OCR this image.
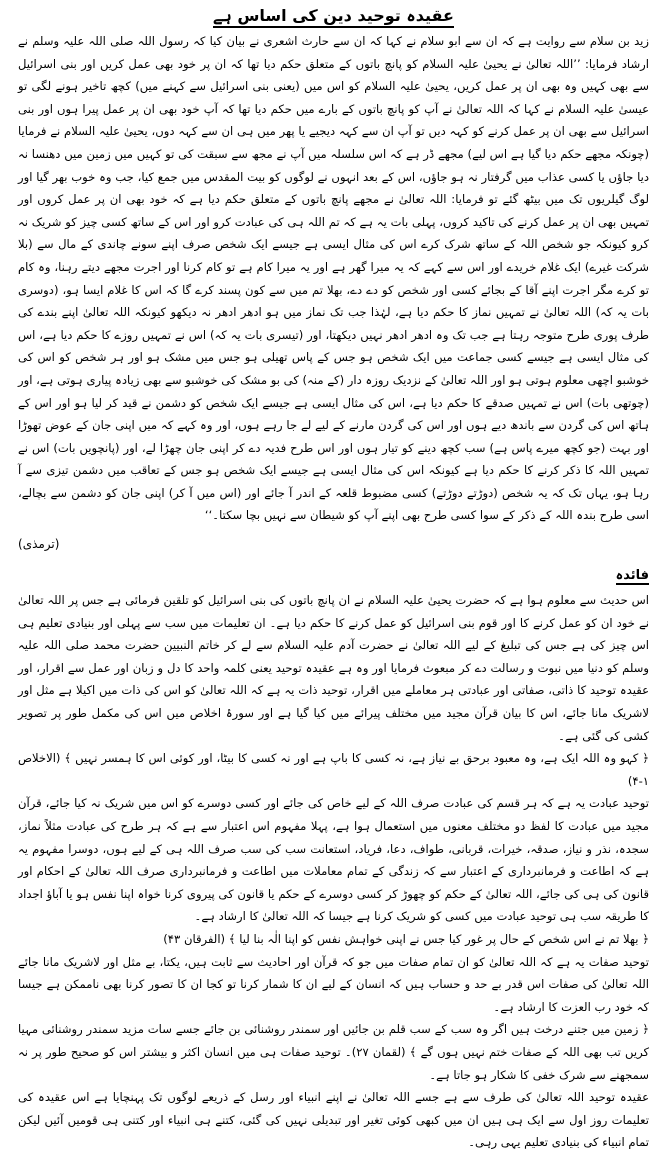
عقیدہ توحید دین کی اساس ہے

زید بن سلام سے روایت ہے کہ ان سے ابو سلام نے کہا کہ ان سے حارث اشعری نے بیان کیا کہ رسول اللہ صلی اللہ علیہ وسلم نے ارشاد فرمایا: ’’اللہ تعالیٰ نے یحییٰ علیہ السلام کو پانچ باتوں کے متعلق حکم دیا تھا کہ ان پر خود بھی عمل کریں اور بنی اسرائیل سے بھی کہیں وہ بھی ان پر عمل کریں، یحییٰ علیہ السلام کو اس میں (یعنی بنی اسرائیل سے کہنے میں) کچھ تاخیر ہونے لگی تو عیسیٰ علیہ السلام نے کہا کہ اللہ تعالیٰ نے آپ کو پانچ باتوں کے بارے میں حکم دیا تھا کہ آپ خود بھی ان پر عمل پیرا ہوں اور بنی اسرائیل سے بھی ان پر عمل کرنے کو کہہ دیں تو آپ ان سے کہہ دیجیے یا پھر میں ہی ان سے کہہ دوں، یحییٰ علیہ السلام نے فرمایا (چونکہ مجھے حکم دیا گیا ہے اس لیے) مجھے ڈر ہے کہ اس سلسلہ میں آپ نے مجھ سے سبقت کی تو کہیں میں زمین میں دھنسا نہ دیا جاؤں یا کسی عذاب میں گرفتار نہ ہو جاؤں، اس کے بعد انہوں نے لوگوں کو بیت المقدس میں جمع کیا، جب وہ خوب بھر گیا اور لوگ گیلریوں تک میں بیٹھ گئے تو فرمایا: اللہ تعالیٰ نے مجھے پانچ باتوں کے متعلق حکم دیا ہے کہ خود بھی ان پر عمل کروں اور تمہیں بھی ان پر عمل کرنے کی تاکید کروں، پہلی بات یہ ہے کہ تم اللہ ہی کی عبادت کرو اور اس کے ساتھ کسی چیز کو شریک نہ کرو کیونکہ جو شخص اللہ کے ساتھ شرک کرے اس کی مثال ایسی ہے جیسے ایک شخص صرف اپنے سونے چاندی کے مال سے (بلا شرکت غیرے) ایک غلام خریدے اور اس سے کہے کہ یہ میرا گھر ہے اور یہ میرا کام ہے تو کام کرنا اور اجرت مجھے دیتے رہنا، وہ کام تو کرے مگر اجرت اپنے آقا کے بجائے کسی اور شخص کو دے دے، بھلا تم میں سے کون پسند کرے گا کہ اس کا غلام ایسا ہو، (دوسری بات یہ کہ) اللہ تعالیٰ نے تمہیں نماز کا حکم دیا ہے، لہٰذا جب تک نماز میں ہو ادھر ادھر نہ دیکھو کیونکہ اللہ تعالیٰ اپنے بندے کی طرف پوری طرح متوجہ رہتا ہے جب تک وہ ادھر ادھر نہیں دیکھتا، اور (تیسری بات یہ کہ) اس نے تمہیں روزے کا حکم دیا ہے، اس کی مثال ایسی ہے جیسے کسی جماعت میں ایک شخص ہو جس کے پاس تھیلی ہو جس میں مشک ہو اور ہر شخص کو اس کی خوشبو اچھی معلوم ہوتی ہو اور اللہ تعالیٰ کے نزدیک روزہ دار (کے منہ) کی بو مشک کی خوشبو سے بھی زیادہ پیاری ہوتی ہے، اور (چوتھی بات) اس نے تمہیں صدقے کا حکم دیا ہے، اس کی مثال ایسی ہے جیسے ایک شخص کو دشمن نے قید کر لیا ہو اور اس کے ہاتھ اس کی گردن سے باندھ دیے ہوں اور اس کی گردن مارنے کے لیے لے جا رہے ہوں، اور وہ کہے کہ میں اپنی جان کے عوض تھوڑا اور بہت (جو کچھ میرے پاس ہے) سب کچھ دینے کو تیار ہوں اور اس طرح فدیہ دے کر اپنی جان چھڑا لے، اور (پانچویں بات) اس نے تمہیں اللہ کا ذکر کرنے کا حکم دیا ہے کیونکہ اس کی مثال ایسی ہے جیسے ایک شخص ہو جس کے تعاقب میں دشمن تیزی سے آ رہا ہو، یہاں تک کہ یہ شخص (دوڑتے دوڑتے) کسی مضبوط قلعہ کے اندر آ جائے اور (اس میں آ کر) اپنی جان کو دشمن سے بچالے، اسی طرح بندہ اللہ کے ذکر کے سوا کسی طرح بھی اپنے آپ کو شیطان سے نہیں بچا سکتا۔‘‘

(ترمذی)
فائدہ

اس حدیث سے معلوم ہوا ہے کہ حضرت یحییٰ علیہ السلام نے ان پانچ باتوں کی بنی اسرائیل کو تلقین فرمائی ہے جس پر اللہ تعالیٰ نے خود ان کو عمل کرنے کا اور قوم بنی اسرائیل کو عمل کرنے کا حکم دیا ہے۔ ان تعلیمات میں سب سے پہلی اور بنیادی تعلیم ہی اس چیز کی ہے جس کی تبلیغ کے لیے اللہ تعالیٰ نے حضرت آدم علیہ السلام سے لے کر خاتم النبیین حضرت محمد صلی اللہ علیہ وسلم کو دنیا میں نبوت و رسالت دے کر مبعوث فرمایا اور وہ ہے عقیدہ توحید یعنی کلمہ واحد کا دل و زبان اور عمل سے اقرار، اور عقیدہ توحید کا ذاتی، صفاتی اور عبادتی ہر معاملے میں اقرار، توحید ذات یہ ہے کہ اللہ تعالیٰ کو اس کی ذات میں اکیلا ہے مثل اور لاشریک مانا جائے، اس کا بیان قرآن مجید میں مختلف پیرائے میں کیا گیا ہے اور سورۂ اخلاص میں اس کی مکمل طور پر تصویر کشی کی گئی ہے۔

﴿ کہو وہ اللہ ایک ہے، وہ معبود برحق بے نیاز ہے، نہ کسی کا باپ ہے اور نہ کسی کا بیٹا، اور کوئی اس کا ہمسر نہیں ﴾ (الاخلاص ۱-۴)

توحید عبادت یہ ہے کہ ہر قسم کی عبادت صرف اللہ کے لیے خاص کی جائے اور کسی دوسرے کو اس میں شریک نہ کیا جائے، قرآن مجید میں عبادت کا لفظ دو مختلف معنوں میں استعمال ہوا ہے، پہلا مفہوم اس اعتبار سے ہے کہ ہر طرح کی عبادت مثلاً نماز، سجدہ، نذر و نیاز، صدقہ، خیرات، قربانی، طواف، دعا، فریاد، استعانت سب کی سب صرف اللہ ہی کے لیے ہوں، دوسرا مفہوم یہ ہے کہ اطاعت و فرمانبرداری کے اعتبار سے کہ زندگی کے تمام معاملات میں اطاعت و فرمانبرداری صرف اللہ تعالیٰ کے احکام اور قانون کی ہی کی جائے، اللہ تعالیٰ کے حکم کو چھوڑ کر کسی دوسرے کے حکم یا قانون کی پیروی کرنا خواہ اپنا نفس ہو یا آباؤ اجداد کا طریقہ سب ہی توحید عبادت میں کسی کو شریک کرنا ہے جیسا کہ اللہ تعالیٰ کا ارشاد ہے۔

﴿ بھلا تم نے اس شخص کے حال پر غور کیا جس نے اپنی خواہش نفس کو اپنا الٰہ بنا لیا ﴾ (الفرقان ۴۳)

توحید صفات یہ ہے کہ اللہ تعالیٰ کو ان تمام صفات میں جو کہ قرآن اور احادیث سے ثابت ہیں، یکتا، بے مثل اور لاشریک مانا جائے اللہ تعالیٰ کی صفات اس قدر بے حد و حساب ہیں کہ انسان کے لیے ان کا شمار کرنا تو کجا ان کا تصور کرنا بھی ناممکن ہے جیسا کہ خود رب العزت کا ارشاد ہے۔

﴿ زمین میں جتنے درخت ہیں اگر وہ سب کے سب قلم بن جائیں اور سمندر روشنائی بن جائے جسے سات مزید سمندر روشنائی مہیا کریں تب بھی اللہ کے صفات ختم نہیں ہوں گے ﴾ (لقمان ۲۷)۔ توحید صفات ہی میں انسان اکثر و بیشتر اس کو صحیح طور پر نہ سمجھنے سے شرک خفی کا شکار ہو جاتا ہے۔

عقیدہ توحید اللہ تعالیٰ کی طرف سے ہے جسے اللہ تعالیٰ نے اپنے انبیاء اور رسل کے ذریعے لوگوں تک پہنچایا ہے اس عقیدہ کی تعلیمات روز اول سے ایک ہی ہیں ان میں کبھی کوئی تغیر اور تبدیلی نہیں کی گئی، کتنے ہی انبیاء اور کتنی ہی قومیں آئیں لیکن تمام انبیاء کی بنیادی تعلیم یہی رہی۔
